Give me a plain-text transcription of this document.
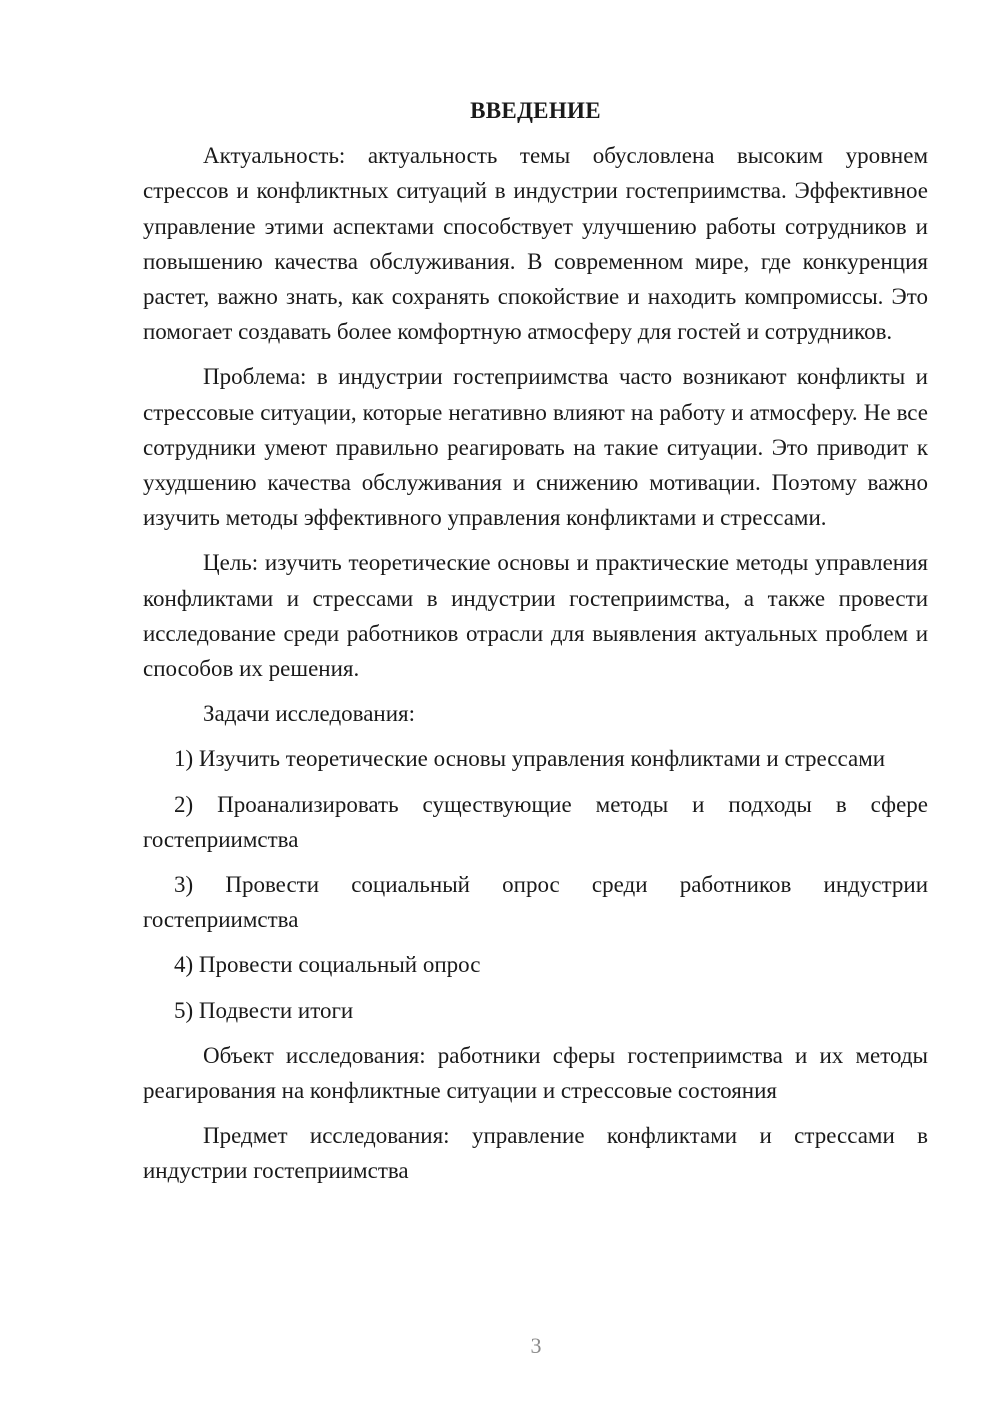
ВВЕДЕНИЕ

Актуальность: актуальность темы обусловлена высоким уровнем стрессов и конфликтных ситуаций в индустрии гостеприимства. Эффективное управление этими аспектами способствует улучшению работы сотрудников и повышению качества обслуживания. В современном мире, где конкуренция растет, важно знать, как сохранять спокойствие и находить компромиссы. Это помогает создавать более комфортную атмосферу для гостей и сотрудников.

Проблема: в индустрии гостеприимства часто возникают конфликты и стрессовые ситуации, которые негативно влияют на работу и атмосферу. Не все сотрудники умеют правильно реагировать на такие ситуации. Это приводит к ухудшению качества обслуживания и снижению мотивации. Поэтому важно изучить методы эффективного управления конфликтами и стрессами.

Цель: изучить теоретические основы и практические методы управления конфликтами и стрессами в индустрии гостеприимства, а также провести исследование среди работников отрасли для выявления актуальных проблем и способов их решения.

Задачи исследования:

1) Изучить теоретические основы управления конфликтами и стрессами

2) Проанализировать существующие методы и подходы в сфере гостеприимства

3) Провести социальный опрос среди работников индустрии гостеприимства

4) Провести социальный опрос

5) Подвести итоги

Объект исследования: работники сферы гостеприимства и их методы реагирования на конфликтные ситуации и стрессовые состояния

Предмет исследования: управление конфликтами и стрессами в индустрии гостеприимства

3
